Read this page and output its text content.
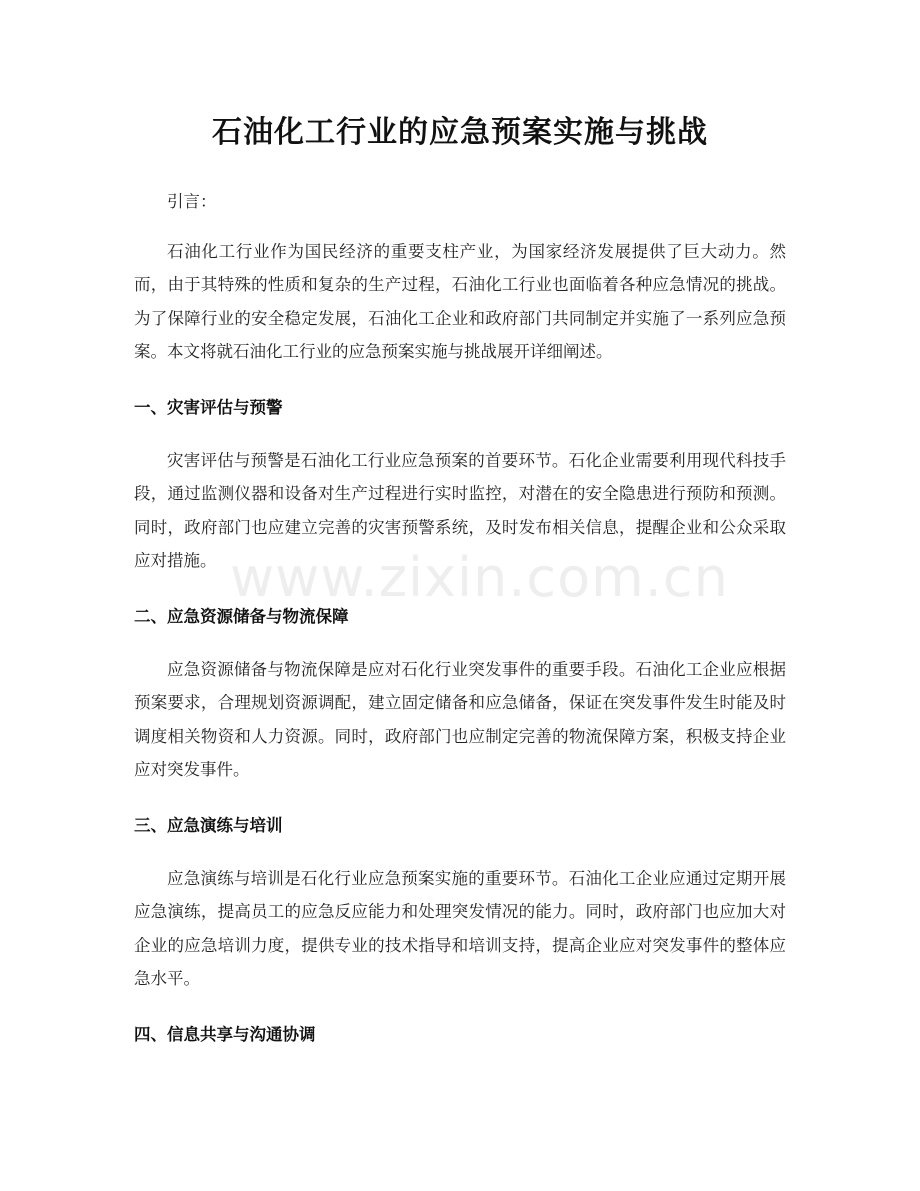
石油化工行业的应急预案实施与挑战

引言：

石油化工行业作为国民经济的重要支柱产业，为国家经济发展提供了巨大动力。然而，由于其特殊的性质和复杂的生产过程，石油化工行业也面临着各种应急情况的挑战。为了保障行业的安全稳定发展，石油化工企业和政府部门共同制定并实施了一系列应急预案。本文将就石油化工行业的应急预案实施与挑战展开详细阐述。

一、灾害评估与预警

灾害评估与预警是石油化工行业应急预案的首要环节。石化企业需要利用现代科技手段，通过监测仪器和设备对生产过程进行实时监控，对潜在的安全隐患进行预防和预测。同时，政府部门也应建立完善的灾害预警系统，及时发布相关信息，提醒企业和公众采取应对措施。

二、应急资源储备与物流保障

应急资源储备与物流保障是应对石化行业突发事件的重要手段。石油化工企业应根据预案要求，合理规划资源调配，建立固定储备和应急储备，保证在突发事件发生时能及时调度相关物资和人力资源。同时，政府部门也应制定完善的物流保障方案，积极支持企业应对突发事件。

三、应急演练与培训

应急演练与培训是石化行业应急预案实施的重要环节。石油化工企业应通过定期开展应急演练，提高员工的应急反应能力和处理突发情况的能力。同时，政府部门也应加大对企业的应急培训力度，提供专业的技术指导和培训支持，提高企业应对突发事件的整体应急水平。

四、信息共享与沟通协调
www.zixin.com.cn
